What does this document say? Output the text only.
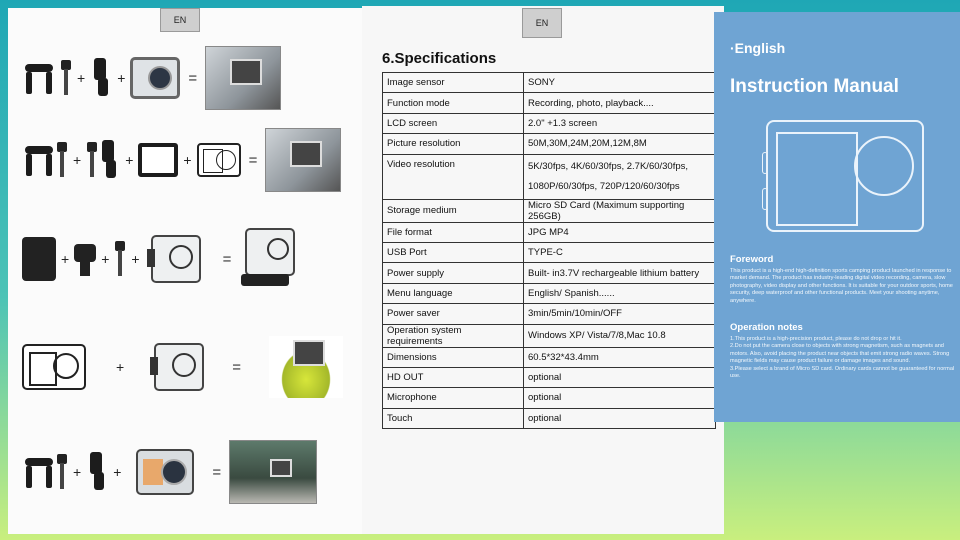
EN
+ +	=
+	+	+	=
+ + +	=
+	=
+ +	=
EN
6.Specifications
Image sensor	SONY
Function mode	Recording, photo, playback....
LCD screen	2.0" +1.3 screen
Picture resolution	50M,30M,24M,20M,12M,8M
Video resolution	5K/30fps, 4K/60/30fps, 2.7K/60/30fps,
1080P/60/30fps, 720P/120/60/30fps

Storage medium	Micro SD Card (Maximum supporting 256GB)
File format	JPG MP4
USB Port	TYPE-C
Power supply	Built- in3.7V rechargeable lithium battery
Menu language	English/ Spanish......
Power saver	3min/5min/10min/OFF
Operation system requirements	Windows XP/ Vista/7/8,Mac 10.8
Dimensions	60.5*32*43.4mm
HD OUT	optional
Microphone	optional
Touch	optional
·English
Instruction Manual
Foreword
This product is a high-end high-definition sports camping product launched in response to market demand. The product has industry-leading digital video recording, camera, slow photography, video display and other functions. It is suitable for your outdoor sports, home security, deep waterproof and other functional products. Meet your shooting anytime, anywhere.
Operation notes
1.This product is a high-precision product, please do not drop or hit it.
2.Do not put the camera close to objects with strong magnetism, such as magnets and motors. Also, avoid placing the product near objects that emit strong radio waves. Strong magnetic fields may cause product failure or damage images and sound.
3.Please select a brand of Micro SD card. Ordinary cards cannot be guaranteed for normal use.
